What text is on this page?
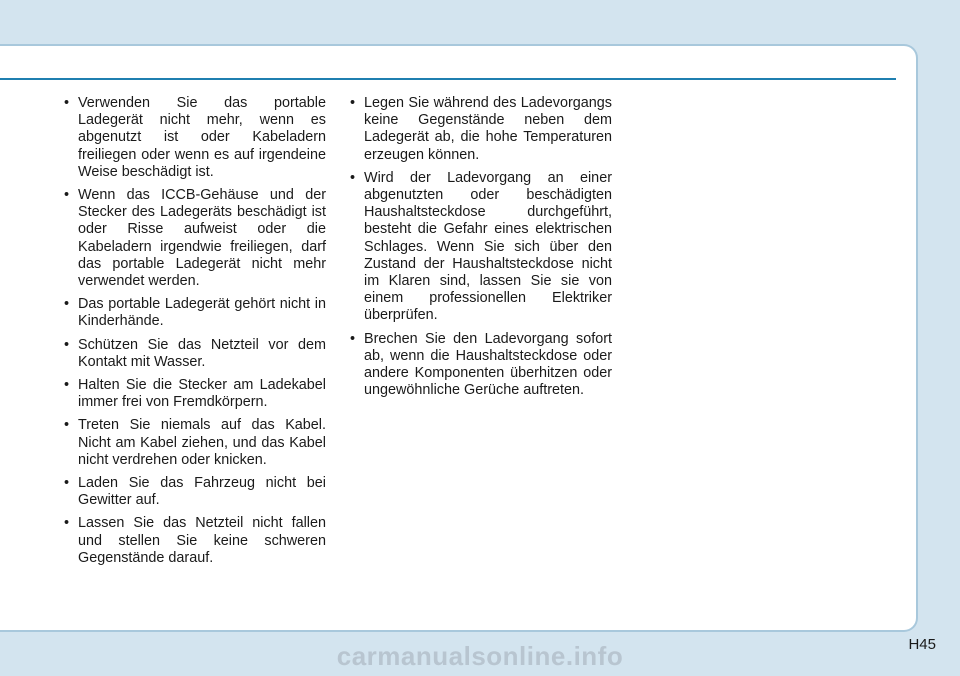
• Verwenden Sie das portable Ladegerät nicht mehr, wenn es abgenutzt ist oder Kabeladern freiliegen oder wenn es auf irgendeine Weise beschädigt ist.
• Wenn das ICCB-Gehäuse und der Stecker des Ladegeräts beschädigt ist oder Risse aufweist oder die Kabeladern irgendwie freiliegen, darf das portable Ladegerät nicht mehr verwendet werden.
• Das portable Ladegerät gehört nicht in Kinderhände.
• Schützen Sie das Netzteil vor dem Kontakt mit Wasser.
• Halten Sie die Stecker am Ladekabel immer frei von Fremdkörpern.
• Treten Sie niemals auf das Kabel. Nicht am Kabel ziehen, und das Kabel nicht verdrehen oder knicken.
• Laden Sie das Fahrzeug nicht bei Gewitter auf.
• Lassen Sie das Netzteil nicht fallen und stellen Sie keine schweren Gegenstände darauf.
• Legen Sie während des Ladevorgangs keine Gegenstände neben dem Ladegerät ab, die hohe Temperaturen erzeugen können.
• Wird der Ladevorgang an einer abgenutzten oder beschädigten Haushaltsteckdose durchgeführt, besteht die Gefahr eines elektrischen Schlages. Wenn Sie sich über den Zustand der Haushaltsteckdose nicht im Klaren sind, lassen Sie sie von einem professionellen Elektriker überprüfen.
• Brechen Sie den Ladevorgang sofort ab, wenn die Haushaltsteckdose oder andere Komponenten überhitzen oder ungewöhnliche Gerüche auftreten.
H45
carmanualsonline.info
